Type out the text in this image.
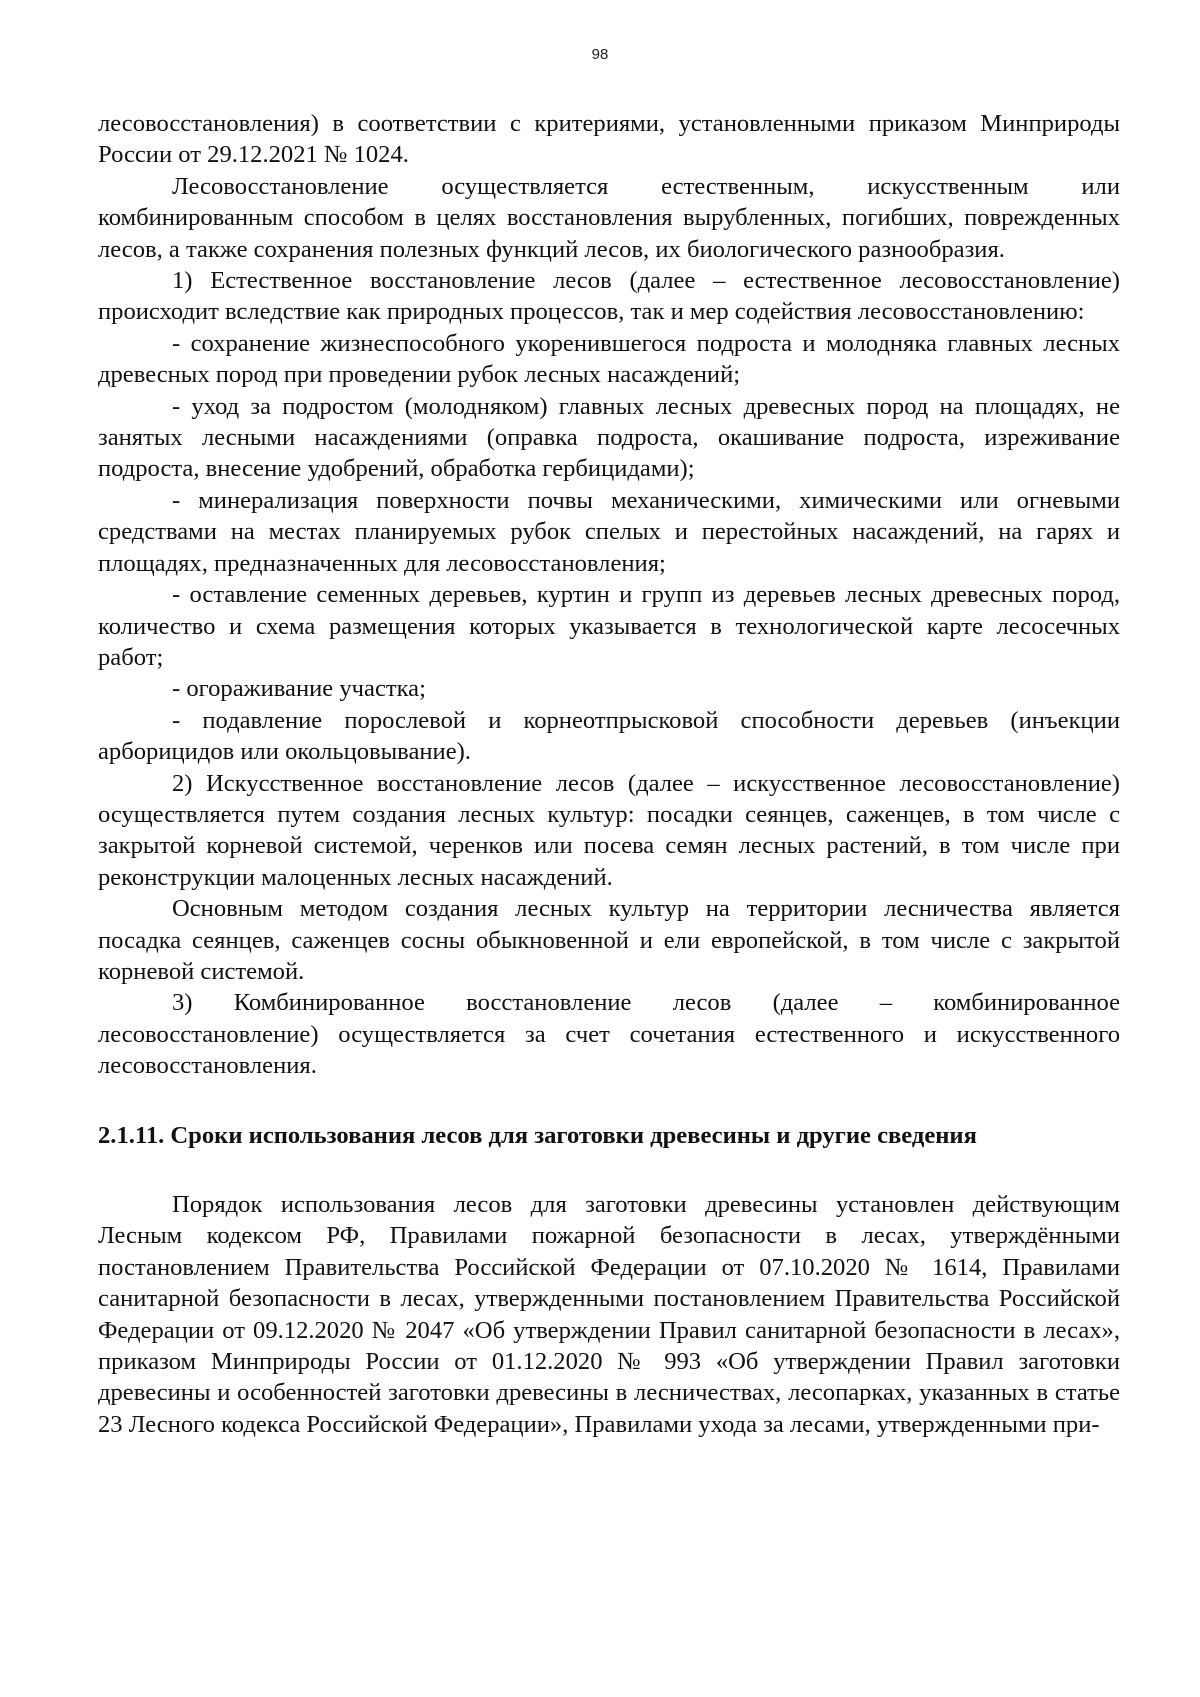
98

лесовосстановления) в соответствии с критериями, установленными приказом Минприроды России от 29.12.2021 № 1024.

Лесовосстановление осуществляется естественным, искусственным или комбинированным способом в целях восстановления вырубленных, погибших, поврежденных лесов, а также сохранения полезных функций лесов, их биологического разнообразия.

1) Естественное восстановление лесов (далее – естественное лесовосстановление) происходит вследствие как природных процессов, так и мер содействия лесовосстановлению:

- сохранение жизнеспособного укоренившегося подроста и молодняка главных лесных древесных пород при проведении рубок лесных насаждений;

- уход за подростом (молодняком) главных лесных древесных пород на площадях, не занятых лесными насаждениями (оправка подроста, окашивание подроста, изреживание подроста, внесение удобрений, обработка гербицидами);

- минерализация поверхности почвы механическими, химическими или огневыми средствами на местах планируемых рубок спелых и перестойных насаждений, на гарях и площадях, предназначенных для лесовосстановления;

- оставление семенных деревьев, куртин и групп из деревьев лесных древесных пород, количество и схема размещения которых указывается в технологической карте лесосечных работ;

- огораживание участка;

- подавление порослевой и корнеотпрысковой способности деревьев (инъекции арборицидов или окольцовывание).

2) Искусственное восстановление лесов (далее – искусственное лесовосстановление) осуществляется путем создания лесных культур: посадки сеянцев, саженцев, в том числе с закрытой корневой системой, черенков или посева семян лесных растений, в том числе при реконструкции малоценных лесных насаждений.

Основным методом создания лесных культур на территории лесничества является посадка сеянцев, саженцев сосны обыкновенной и ели европейской, в том числе с закрытой корневой системой.

3) Комбинированное восстановление лесов (далее – комбинированное лесовосстановление) осуществляется за счет сочетания естественного и искусственного лесовосстановления.

2.1.11. Сроки использования лесов для заготовки древесины и другие сведения

Порядок использования лесов для заготовки древесины установлен действующим Лесным кодексом РФ, Правилами пожарной безопасности в лесах, утверждёнными постановлением Правительства Российской Федерации от 07.10.2020 № 1614, Правилами санитарной безопасности в лесах, утвержденными постановлением Правительства Российской Федерации от 09.12.2020 № 2047 «Об утверждении Правил санитарной безопасности в лесах», приказом Минприроды России от 01.12.2020 № 993 «Об утверждении Правил заготовки древесины и особенностей заготовки древесины в лесничествах, лесопарках, указанных в статье 23 Лесного кодекса Российской Федерации», Правилами ухода за лесами, утвержденными при-
